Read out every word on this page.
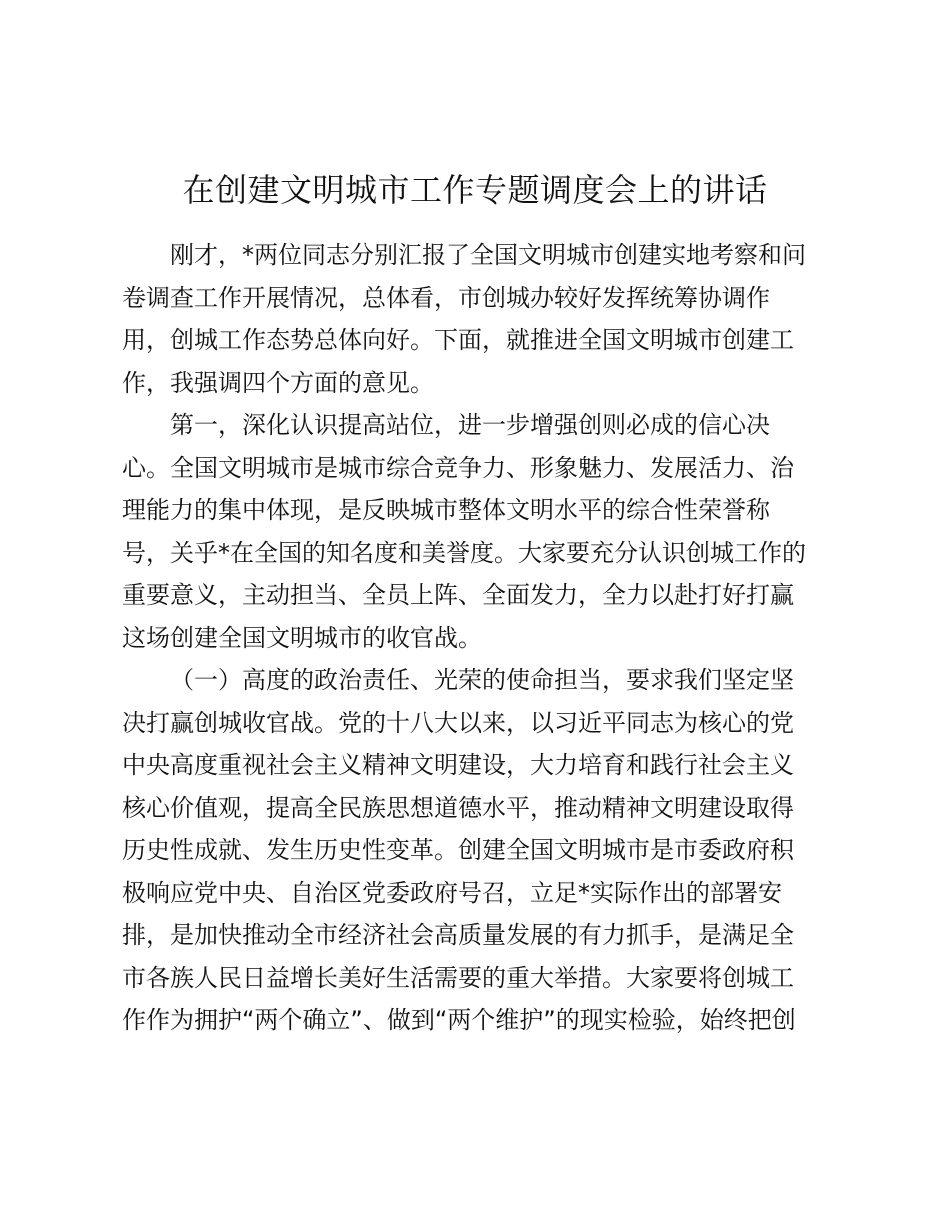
在创建文明城市工作专题调度会上的讲话
刚才，*两位同志分别汇报了全国文明城市创建实地考察和问
卷调查工作开展情况，总体看，市创城办较好发挥统筹协调作
用，创城工作态势总体向好。下面，就推进全国文明城市创建工
作，我强调四个方面的意见。
第一，深化认识提高站位，进一步增强创则必成的信心决
心。全国文明城市是城市综合竞争力、形象魅力、发展活力、治
理能力的集中体现，是反映城市整体文明水平的综合性荣誉称
号，关乎*在全国的知名度和美誉度。大家要充分认识创城工作的
重要意义，主动担当、全员上阵、全面发力，全力以赴打好打赢
这场创建全国文明城市的收官战。
（一）高度的政治责任、光荣的使命担当，要求我们坚定坚
决打赢创城收官战。党的十八大以来，以习近平同志为核心的党
中央高度重视社会主义精神文明建设，大力培育和践行社会主义
核心价值观，提高全民族思想道德水平，推动精神文明建设取得
历史性成就、发生历史性变革。创建全国文明城市是市委政府积
极响应党中央、自治区党委政府号召，立足*实际作出的部署安
排，是加快推动全市经济社会高质量发展的有力抓手，是满足全
市各族人民日益增长美好生活需要的重大举措。大家要将创城工
作作为拥护“两个确立”、做到“两个维护”的现实检验，始终把创
